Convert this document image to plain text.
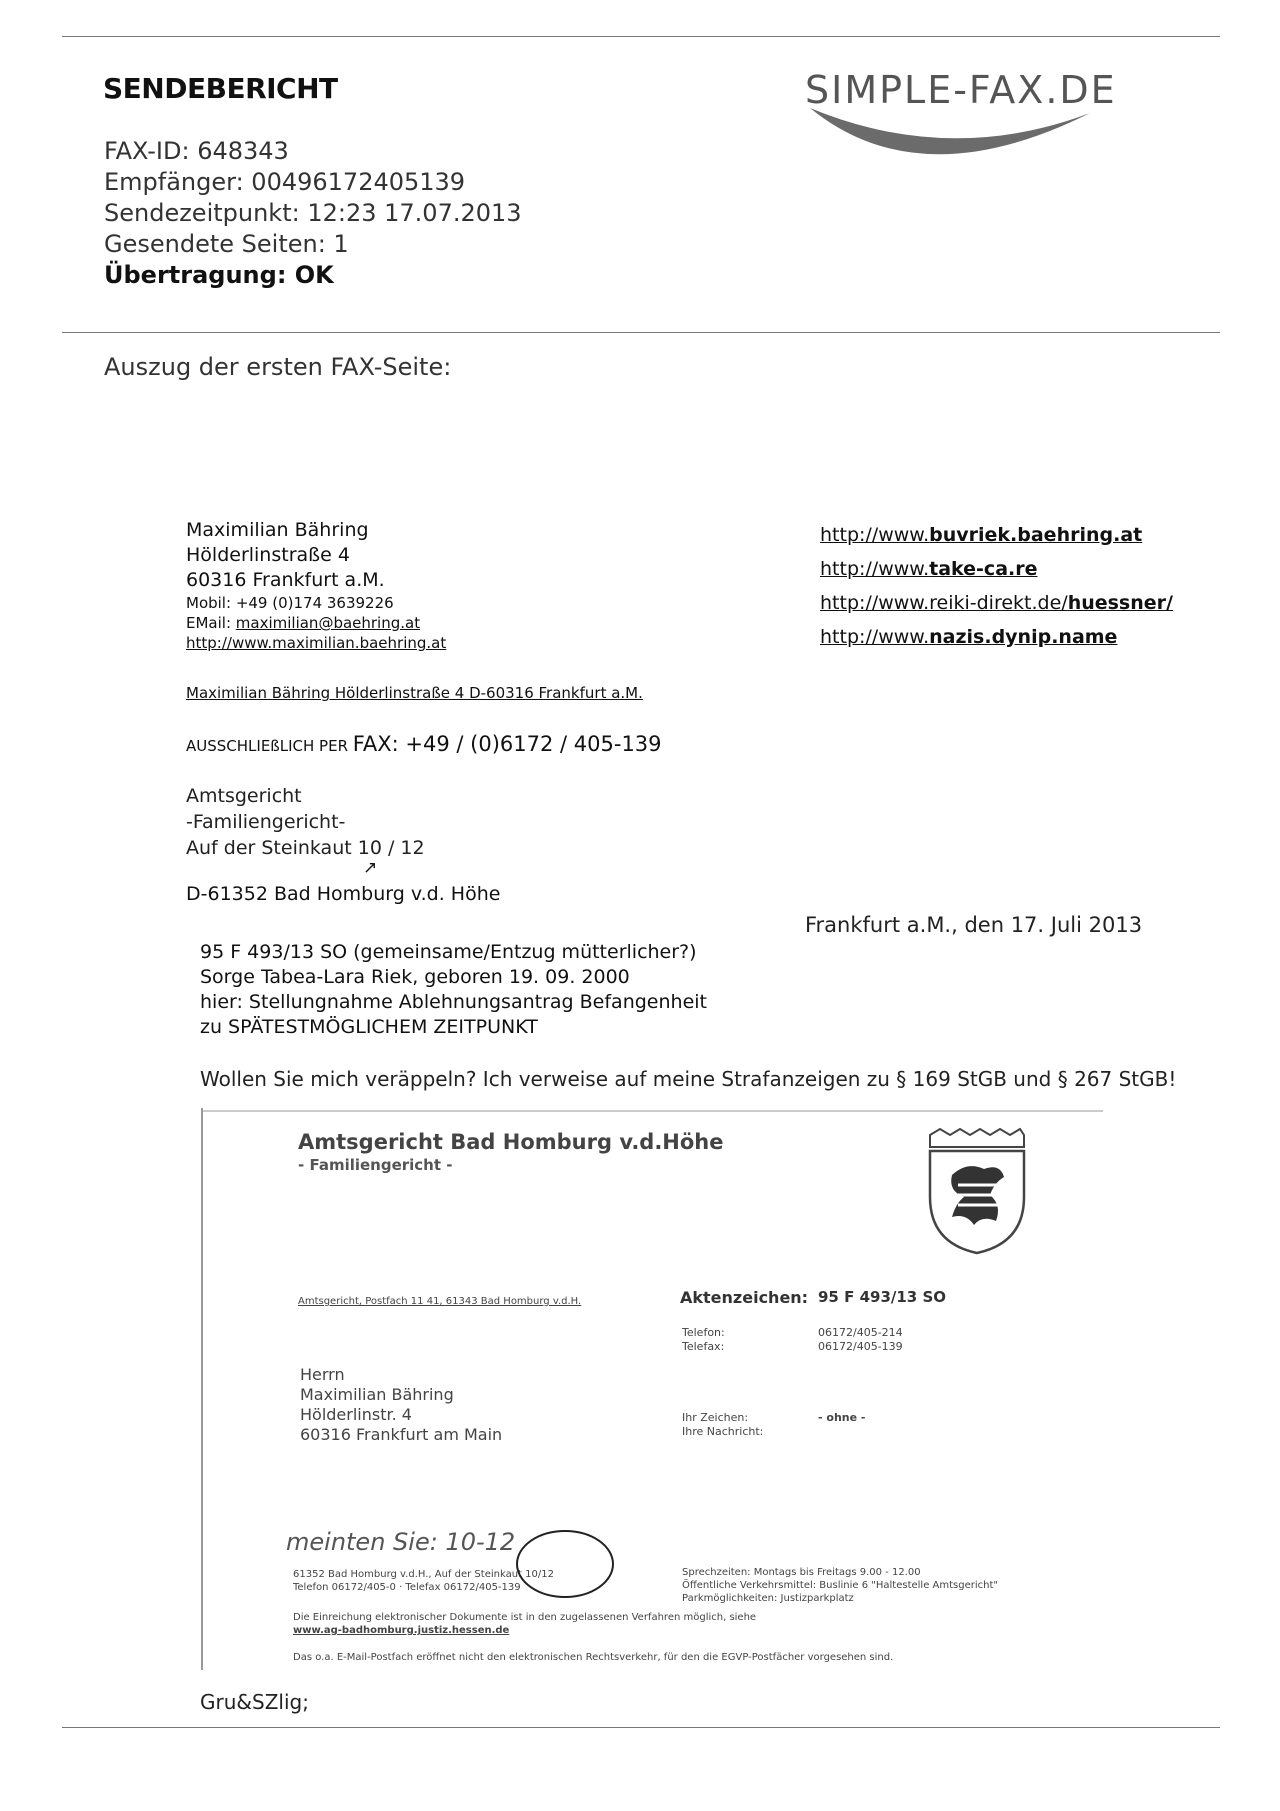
SENDEBERICHT	SIMPLE-FAX.DE
FAX-ID: 648343
Empfänger: 00496172405139
Sendezeitpunkt: 12:23 17.07.2013
Gesendete Seiten: 1
Übertragung: OK
Auszug der ersten FAX-Seite:
Maximilian Bähring
Hölderlinstraße 4
60316 Frankfurt a.M.
Mobil: +49 (0)174 3639226
EMail: maximilian@baehring.at
http://www.maximilian.baehring.at
http://www.buvriek.baehring.at
http://www.take-ca.re
http://www.reiki-direkt.de/huessner/
http://www.nazis.dynip.name
Maximilian Bähring Hölderlinstraße 4 D-60316 Frankfurt a.M.
AUSSCHLIEßLICH PER FAX: +49 / (0)6172 / 405-139
Amtsgericht
-Familiengericht-
Auf der Steinkaut 10 / 12
↗
D-61352 Bad Homburg v.d. Höhe
Frankfurt a.M., den 17. Juli 2013
95 F 493/13 SO (gemeinsame/Entzug mütterlicher?)
Sorge Tabea-Lara Riek, geboren 19. 09. 2000
hier: Stellungnahme Ablehnungsantrag Befangenheit
zu SPÄTESTMÖGLICHEM ZEITPUNKT
Wollen Sie mich veräppeln? Ich verweise auf meine Strafanzeigen zu § 169 StGB und § 267 StGB!
Amtsgericht Bad Homburg v.d.Höhe
- Familiengericht -
Amtsgericht, Postfach 11 41, 61343 Bad Homburg v.d.H.	Aktenzeichen: 95 F 493/13 SO
Telefon:
Telefax:
06172/405-214
06172/405-139
Herrn
Maximilian Bähring
Hölderlinstr. 4
60316 Frankfurt am Main
Ihr Zeichen:
Ihre Nachricht:
- ohne -
meinten Sie: 10-12
61352 Bad Homburg v.d.H., Auf der Steinkaut 10/12
Telefon 06172/405-0 · Telefax 06172/405-139
Sprechzeiten: Montags bis Freitags 9.00 - 12.00
Öffentliche Verkehrsmittel: Buslinie 6 "Haltestelle Amtsgericht"
Parkmöglichkeiten: Justizparkplatz
Die Einreichung elektronischer Dokumente ist in den zugelassenen Verfahren möglich, siehe
www.ag-badhomburg.justiz.hessen.de
Das o.a. E-Mail-Postfach eröffnet nicht den elektronischen Rechtsverkehr, für den die EGVP-Postfächer vorgesehen sind.
Gru&SZlig;
